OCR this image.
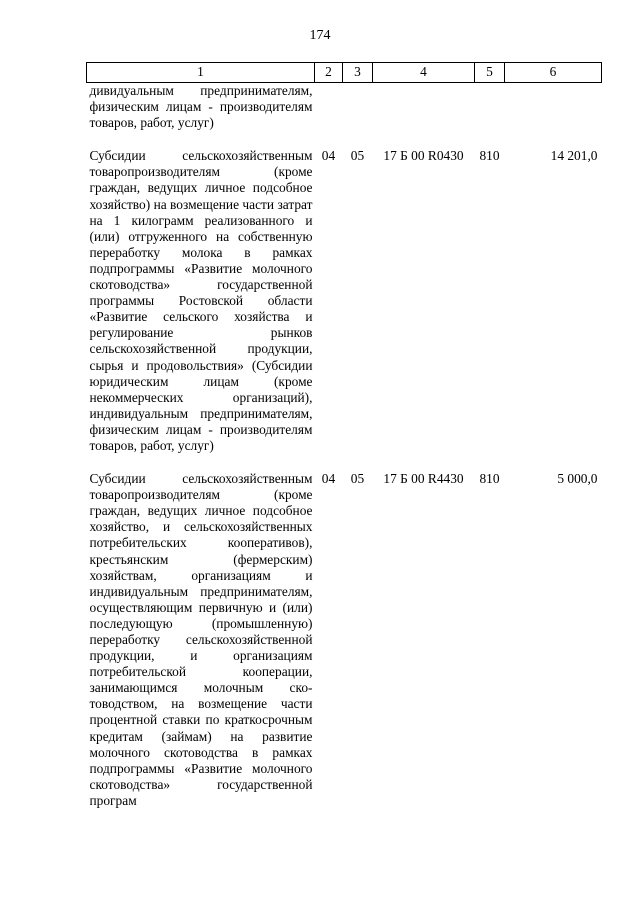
174
1	2	3	4	5	6
дивидуальным предпринимателям, физическим лицам - производителям товаров, работ, услуг)					

Субсидии сельскохозяйственным товаропроизводителям (кроме граждан, ведущих личное подсобное хозяйство) на возмещение части затрат на 1 килограмм реализованного и (или) отгруженного на собственную переработку молока в рамках подпрограммы «Развитие молочного скотоводства» государственной программы Ростовской области «Развитие сельского хозяйства и регулирование рынков сельскохозяйственной продукции, сырья и продовольствия» (Субсидии юридическим лицам (кроме некоммерческих организаций), индивидуальным предпринимателям, физическим лицам - производителям товаров, работ, услуг)	04	05	17 Б 00 R0430	810	14 201,0

Субсидии сельскохозяйственным товаропроизводителям (кроме граждан, ведущих личное подсобное хозяйство, и сельскохозяйственных потребительских кооперативов), крестьянским (фермерским) хозяйствам, организациям и индивидуальным предпринимателям, осуществляющим первичную и (или) последующую (промышленную) переработку сельскохозяйственной продукции, и организациям потребительской кооперации, занимающимся молочным скотоводством, на возмещение части процентной ставки по краткосрочным кредитам (займам) на развитие молочного скотоводства в рамках подпрограммы «Развитие молочного скотоводства» государственной програм	04	05	17 Б 00 R4430	810	5 000,0
